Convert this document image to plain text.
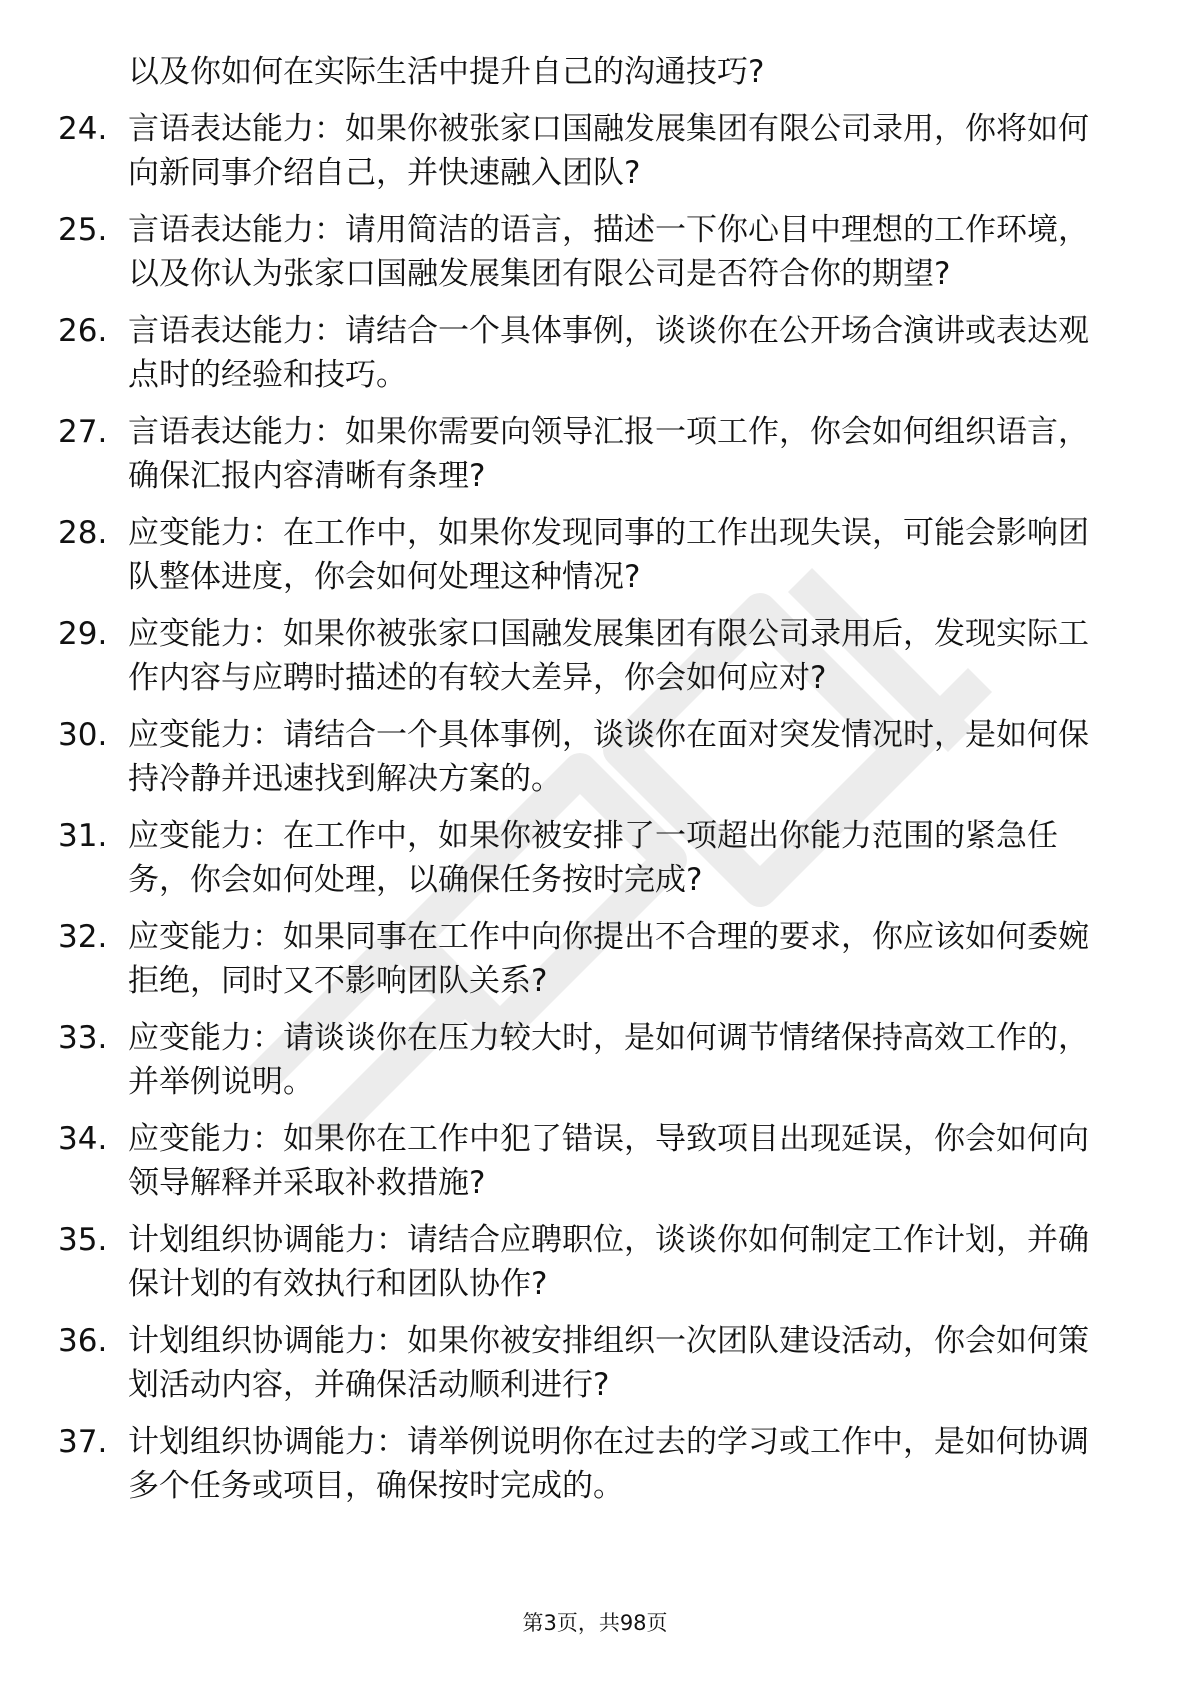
以及你如何在实际生活中提升自己的沟通技巧?
24. 言语表达能力：如果你被张家口国融发展集团有限公司录用，你将如何向新同事介绍自己，并快速融入团队?
25. 言语表达能力：请用简洁的语言，描述一下你心目中理想的工作环境，以及你认为张家口国融发展集团有限公司是否符合你的期望?
26. 言语表达能力：请结合一个具体事例，谈谈你在公开场合演讲或表达观点时的经验和技巧。
27. 言语表达能力：如果你需要向领导汇报一项工作，你会如何组织语言，确保汇报内容清晰有条理?
28. 应变能力：在工作中，如果你发现同事的工作出现失误，可能会影响团队整体进度，你会如何处理这种情况?
29. 应变能力：如果你被张家口国融发展集团有限公司录用后，发现实际工作内容与应聘时描述的有较大差异，你会如何应对?
30. 应变能力：请结合一个具体事例，谈谈你在面对突发情况时，是如何保持冷静并迅速找到解决方案的。
31. 应变能力：在工作中，如果你被安排了一项超出你能力范围的紧急任务，你会如何处理，以确保任务按时完成?
32. 应变能力：如果同事在工作中向你提出不合理的要求，你应该如何委婉拒绝，同时又不影响团队关系?
33. 应变能力：请谈谈你在压力较大时，是如何调节情绪保持高效工作的，并举例说明。
34. 应变能力：如果你在工作中犯了错误，导致项目出现延误，你会如何向领导解释并采取补救措施?
35. 计划组织协调能力：请结合应聘职位，谈谈你如何制定工作计划，并确保计划的有效执行和团队协作?
36. 计划组织协调能力：如果你被安排组织一次团队建设活动，你会如何策划活动内容，并确保活动顺利进行?
37. 计划组织协调能力：请举例说明你在过去的学习或工作中，是如何协调多个任务或项目，确保按时完成的。
第3页，共98页
